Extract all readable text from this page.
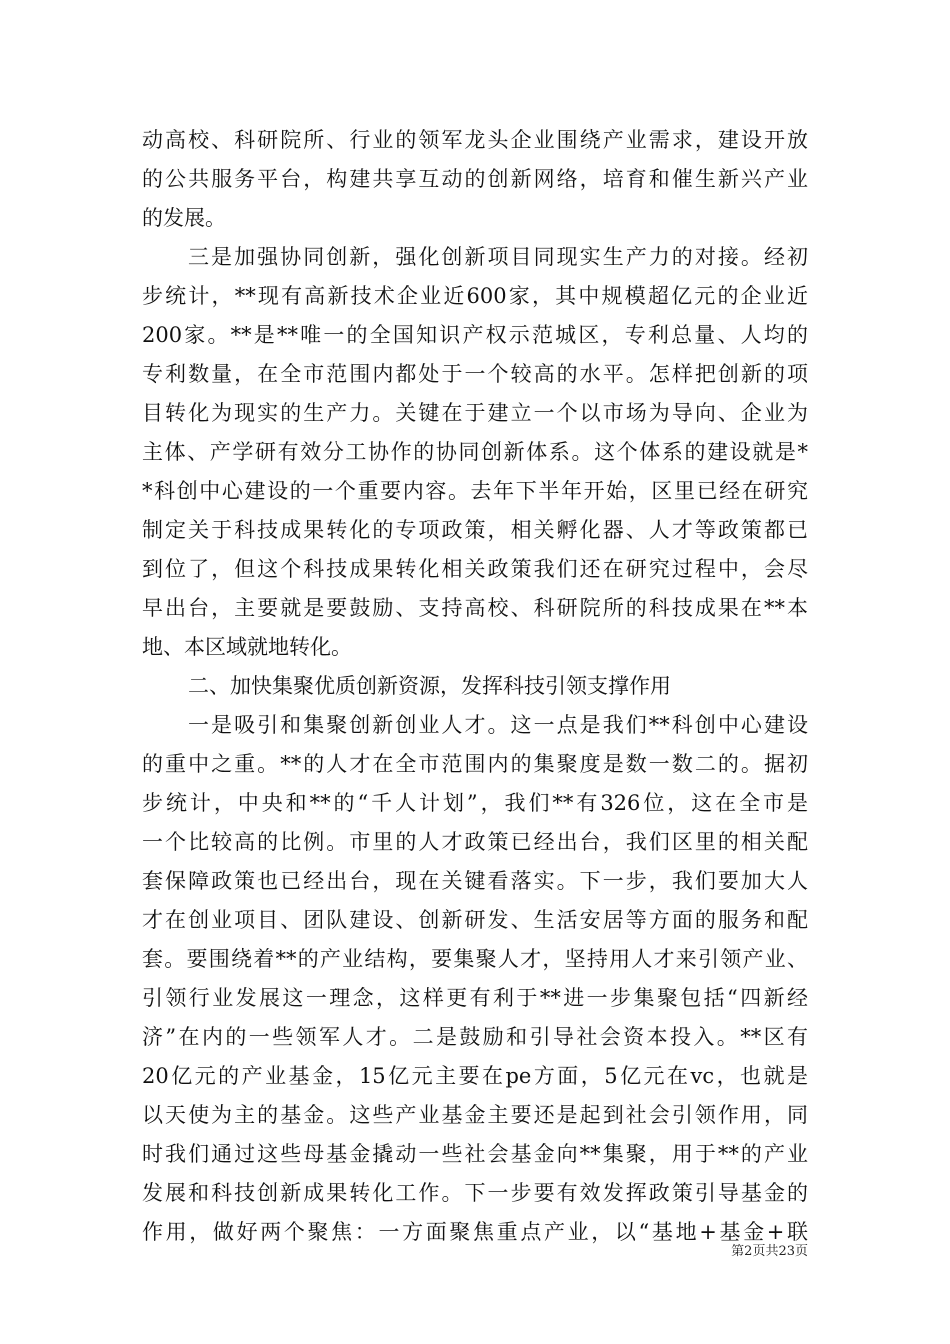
动高校、科研院所、行业的领军龙头企业围绕产业需求，建设开放
的公共服务平台，构建共享互动的创新网络，培育和催生新兴产业
的发展。
三是加强协同创新，强化创新项目同现实生产力的对接。经初
步统计，**现有高新技术企业近600家，其中规模超亿元的企业近
200家。**是**唯一的全国知识产权示范城区，专利总量、人均的
专利数量，在全市范围内都处于一个较高的水平。怎样把创新的项
目转化为现实的生产力。关键在于建立一个以市场为导向、企业为
主体、产学研有效分工协作的协同创新体系。这个体系的建设就是*
*科创中心建设的一个重要内容。去年下半年开始，区里已经在研究
制定关于科技成果转化的专项政策，相关孵化器、人才等政策都已
到位了，但这个科技成果转化相关政策我们还在研究过程中，会尽
早出台，主要就是要鼓励、支持高校、科研院所的科技成果在**本
地、本区域就地转化。
二、加快集聚优质创新资源，发挥科技引领支撑作用
一是吸引和集聚创新创业人才。这一点是我们**科创中心建设
的重中之重。**的人才在全市范围内的集聚度是数一数二的。据初
步统计，中央和**的“千人计划”，我们**有326位，这在全市是
一个比较高的比例。市里的人才政策已经出台，我们区里的相关配
套保障政策也已经出台，现在关键看落实。下一步，我们要加大人
才在创业项目、团队建设、创新研发、生活安居等方面的服务和配
套。要围绕着**的产业结构，要集聚人才，坚持用人才来引领产业、
引领行业发展这一理念，这样更有利于**进一步集聚包括“四新经
济”在内的一些领军人才。二是鼓励和引导社会资本投入。**区有
20亿元的产业基金，15亿元主要在pe方面，5亿元在vc，也就是
以天使为主的基金。这些产业基金主要还是起到社会引领作用，同
时我们通过这些母基金撬动一些社会基金向**集聚，用于**的产业
发展和科技创新成果转化工作。下一步要有效发挥政策引导基金的
作用，做好两个聚焦：一方面聚焦重点产业，以“基地+基金+联
第2页共23页
